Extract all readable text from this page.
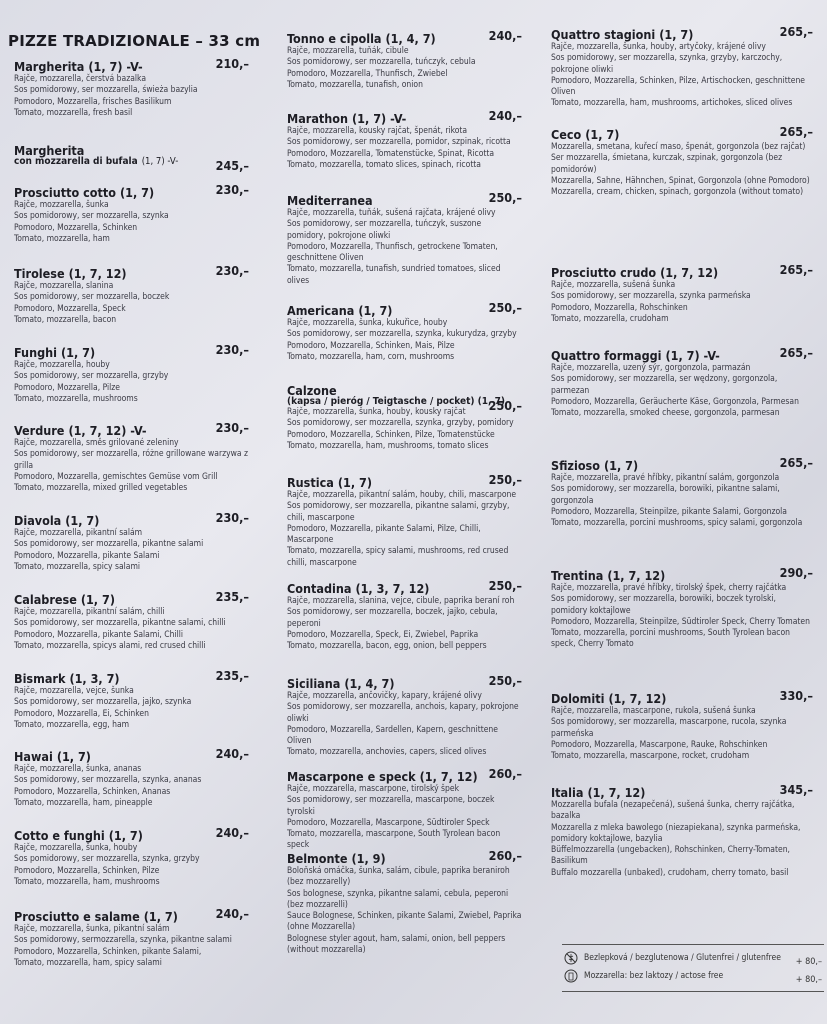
PIZZE TRADIZIONALE – 33 cm
Margherita (1, 7) -V-	210,–
Rajče, mozzarella, čerstvá bazalka
Sos pomidorowy, ser mozzarella, świeża bazylia
Pomodoro, Mozzarella, frisches Basilikum
Tomato, mozzarella, fresh basil
Margherita
con mozzarella di bufala (1, 7) -V-	245,–
Prosciutto cotto (1, 7)	230,–
Rajče, mozzarella, šunka
Sos pomidorowy, ser mozzarella, szynka
Pomodoro, Mozzarella, Schinken
Tomato, mozzarella, ham
Tirolese (1, 7, 12)	230,–
Rajče, mozzarella, slanina
Sos pomidorowy, ser mozzarella, boczek
Pomodoro, Mozzarella, Speck
Tomato, mozzarella, bacon
Funghi (1, 7)	230,–
Rajče, mozzarella, houby
Sos pomidorowy, ser mozzarella, grzyby
Pomodoro, Mozzarella, Pilze
Tomato, mozzarella, mushrooms
Verdure (1, 7, 12) -V-	230,–
Rajče, mozzarella, směs grilované zeleniny
Sos pomidorowy, ser mozzarella, różne grillowane warzywa z grilla
Pomodoro, Mozzarella, gemischtes Gemüse vom Grill
Tomato, mozzarella, mixed grilled vegetables
Diavola (1, 7)	230,–
Rajče, mozzarella, pikantní salám
Sos pomidorowy, ser mozzarella, pikantne salami
Pomodoro, Mozzarella, pikante Salami
Tomato, mozzarella, spicy salami
Calabrese (1, 7)	235,–
Rajče, mozzarella, pikantní salám, chilli
Sos pomidorowy, ser mozzarella, pikantne salami, chilli
Pomodoro, Mozzarella, pikante Salami, Chilli
Tomato, mozzarella, spicys alami, red crused chilli
Bismark (1, 3, 7)	235,–
Rajče, mozzarella, vejce, šunka
Sos pomidorowy, ser mozzarella, jajko, szynka
Pomodoro, Mozzarella, Ei, Schinken
Tomato, mozzarella, egg, ham
Hawai (1, 7)	240,–
Rajče, mozzarella, šunka, ananas
Sos pomidorowy, ser mozzarella, szynka, ananas
Pomodoro, Mozzarella, Schinken, Ananas
Tomato, mozzarella, ham, pineapple
Cotto e funghi (1, 7)	240,–
Rajče, mozzarella, šunka, houby
Sos pomidorowy, ser mozzarella, szynka, grzyby
Pomodoro, Mozzarella, Schinken, Pilze
Tomato, mozzarella, ham, mushrooms
Prosciutto e salame (1, 7)	240,–
Rajče, mozzarella, šunka, pikantní salám
Sos pomidorowy, sermozzarella, szynka, pikantne salami
Pomodoro, Mozzarella, Schinken, pikante Salami,
Tomato, mozzarella, ham, spicy salami
Tonno e cipolla (1, 4, 7)	240,–
Rajče, mozzarella, tuňák, cibule
Sos pomidorowy, ser mozzarella, tuńczyk, cebula
Pomodoro, Mozzarella, Thunfisch, Zwiebel
Tomato, mozzarella, tunafish, onion
Marathon (1, 7) -V-	240,–
Rajče, mozzarella, kousky rajčat, špenát, rikota
Sos pomidorowy, ser mozzarella, pomidor, szpinak, ricotta
Pomodoro, Mozzarella, Tomatenstücke, Spinat, Ricotta
Tomato, mozzarella, tomato slices, spinach, ricotta
Mediterranea	250,–
Rajče, mozzarella, tuňák, sušená rajčata, krájené olivy
Sos pomidorowy, ser mozzarella, tuńczyk, suszone pomidory, pokrojone oliwki
Pomodoro, Mozzarella, Thunfisch, getrockene Tomaten, geschnittene Oliven
Tomato, mozzarella, tunafish, sundried tomatoes, sliced olives
Americana (1, 7)	250,–
Rajče, mozzarella, šunka, kukuřice, houby
Sos pomidorowy, ser mozzarella, szynka, kukurydza, grzyby
Pomodoro, Mozzarella, Schinken, Mais, Pilze
Tomato, mozzarella, ham, corn, mushrooms
Calzone
(kapsa / pieróg / Teigtasche / pocket) (1, 7)
250,–
Rajče, mozzarella, šunka, houby, kousky rajčat
Sos pomidorowy, ser mozzarella, szynka, grzyby, pomidory
Pomodoro, Mozzarella, Schinken, Pilze, Tomatenstücke
Tomato, mozzarella, ham, mushrooms, tomato slices
Rustica (1, 7)	250,–
Rajče, mozzarella, pikantní salám, houby, chili, mascarpone
Sos pomidorowy, ser mozzarella, pikantne salami, grzyby, chili, mascarpone
Pomodoro, Mozzarella, pikante Salami, Pilze, Chilli, Mascarpone
Tomato, mozzarella, spicy salami, mushrooms, red crused chilli, mascarpone
Contadina (1, 3, 7, 12)	250,–
Rajče, mozzarella, slanina, vejce, cibule, paprika beraní roh
Sos pomidorowy, ser mozzarella, boczek, jajko, cebula, peperoni
Pomodoro, Mozzarella, Speck, Ei, Zwiebel, Paprika
Tomato, mozzarella, bacon, egg, onion, bell peppers
Siciliana (1, 4, 7)	250,–
Rajče, mozzarella, ančovičky, kapary, krájené olivy
Sos pomidorowy, ser mozzarella, anchois, kapary, pokrojone oliwki
Pomodoro, Mozzarella, Sardellen, Kapern, geschnittene Oliven
Tomato, mozzarella, anchovies, capers, sliced olives
Mascarpone e speck (1, 7, 12) 260,–
Rajče, mozzarella, mascarpone, tirolský špek
Sos pomidorowy, ser mozzarella, mascarpone, boczek tyrolski
Pomodoro, Mozzarella, Mascarpone, Südtiroler Speck
Tomato, mozzarella, mascarpone, South Tyrolean bacon speck
Belmonte (1, 9)	260,–
Boloňská omáčka, šunka, salám, cibule, paprika beraniroh (bez mozzarelly)
Sos bolognese, szynka, pikantne salami, cebula, peperoni (bez mozzarelli)
Sauce Bolognese, Schinken, pikante Salami, Zwiebel, Paprika (ohne Mozzarella)
Bolognese styler agout, ham, salami, onion, bell peppers (without mozzarella)
Quattro stagioni (1, 7)	265,–
Rajče, mozzarella, šunka, houby, artyčoky, krájené olivy
Sos pomidorowy, ser mozzarella, szynka, grzyby, karczochy, pokrojone oliwki
Pomodoro, Mozzarella, Schinken, Pilze, Artischocken, geschnittene Oliven
Tomato, mozzarella, ham, mushrooms, artichokes, sliced olives
Ceco (1, 7)	265,–
Mozzarella, smetana, kuřecí maso, špenát, gorgonzola (bez rajčat)
Ser mozzarella, śmietana, kurczak, szpinak, gorgonzola (bez pomidorów)
Mozzarella, Sahne, Hähnchen, Spinat, Gorgonzola (ohne Pomodoro)
Mozzarella, cream, chicken, spinach, gorgonzola (without tomato)
Prosciutto crudo (1, 7, 12)	265,–
Rajče, mozzarella, sušená šunka
Sos pomidorowy, ser mozzarella, szynka parmeńska
Pomodoro, Mozzarella, Rohschinken
Tomato, mozzarella, crudoham
Quattro formaggi (1, 7) -V-	265,–
Rajče, mozzarella, uzený sýr, gorgonzola, parmazán
Sos pomidorowy, ser mozzarella, ser wędzony, gorgonzola, parmezan
Pomodoro, Mozzarella, Geräucherte Käse, Gorgonzola, Parmesan
Tomato, mozzarella, smoked cheese, gorgonzola, parmesan
Sfizioso (1, 7)	265,–
Rajče, mozzarella, pravé hříbky, pikantní salám, gorgonzola
Sos pomidorowy, ser mozzarella, borowiki, pikantne salami, gorgonzola
Pomodoro, Mozzarella, Steinpilze, pikante Salami, Gorgonzola
Tomato, mozzarella, porcini mushrooms, spicy salami, gorgonzola
Trentina (1, 7, 12)	290,–
Rajče, mozzarella, pravé hříbky, tirolský špek, cherry rajčátka
Sos pomidorowy, ser mozzarella, borowiki, boczek tyrolski, pomidory koktajlowe
Pomodoro, Mozzarella, Steinpilze, Südtiroler Speck, Cherry Tomaten
Tomato, mozzarella, porcini mushrooms, South Tyrolean bacon speck, Cherry Tomato
Dolomiti (1, 7, 12)	330,–
Rajče, mozzarella, mascarpone, rukola, sušená šunka
Sos pomidorowy, ser mozzarella, mascarpone, rucola, szynka parmeńska
Pomodoro, Mozzarella, Mascarpone, Rauke, Rohschinken
Tomato, mozzarella, mascarpone, rocket, crudoham
Italia (1, 7, 12)	345,–
Mozzarella bufala (nezapečená), sušená šunka, cherry rajčátka, bazalka
Mozzarella z mleka bawolego (niezapiekana), szynka parmeńska, pomidory koktajlowe, bazylia
Büffelmozzarella (ungebacken), Rohschinken, Cherry-Tomaten, Basilikum
Buffalo mozzarella (unbaked), crudoham, cherry tomato, basil
Bezlepková / bezglutenowa / Glutenfrei / glutenfree + 80,–
Mozzarella: bez laktozy / actose free	+ 80,–
